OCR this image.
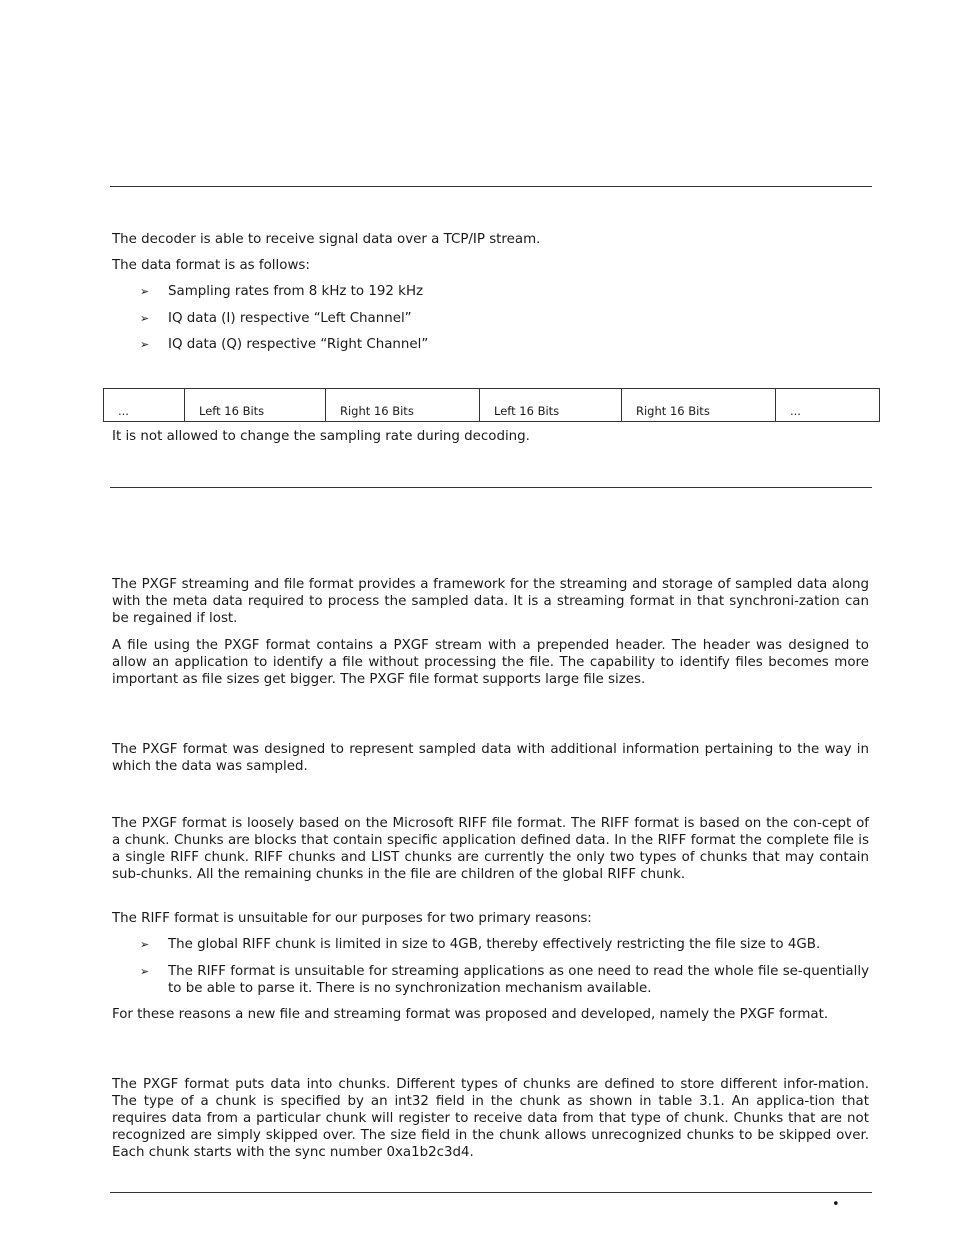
The decoder is able to receive signal data over a TCP/IP stream.

The data format is as follows:

➢ Sampling rates from 8 kHz to 192 kHz
➢ IQ data (I) respective “Left Channel”
➢ IQ data (Q) respective “Right Channel”
...	Left 16 Bits	Right 16 Bits	Left 16 Bits	Right 16 Bits	...

It is not allowed to change the sampling rate during decoding.

The PXGF streaming and file format provides a framework for the streaming and storage of sampled data along with the meta data required to process the sampled data. It is a streaming format in that synchroni-zation can be regained if lost.

A file using the PXGF format contains a PXGF stream with a prepended header. The header was designed to allow an application to identify a file without processing the file. The capability to identify files becomes more important as file sizes get bigger. The PXGF file format supports large file sizes.

The PXGF format was designed to represent sampled data with additional information pertaining to the way in which the data was sampled.

The PXGF format is loosely based on the Microsoft RIFF file format. The RIFF format is based on the con-cept of a chunk. Chunks are blocks that contain specific application defined data. In the RIFF format the complete file is a single RIFF chunk. RIFF chunks and LIST chunks are currently the only two types of chunks that may contain sub-chunks. All the remaining chunks in the file are children of the global RIFF chunk.

The RIFF format is unsuitable for our purposes for two primary reasons:

➢ The global RIFF chunk is limited in size to 4GB, thereby effectively restricting the file size to 4GB.
➢ The RIFF format is unsuitable for streaming applications as one need to read the whole file se-quentially to be able to parse it. There is no synchronization mechanism available.

For these reasons a new file and streaming format was proposed and developed, namely the PXGF format.

The PXGF format puts data into chunks. Different types of chunks are defined to store different infor-mation. The type of a chunk is specified by an int32 field in the chunk as shown in table 3.1. An applica-tion that requires data from a particular chunk will register to receive data from that type of chunk. Chunks that are not recognized are simply skipped over. The size field in the chunk allows unrecognized chunks to be skipped over. Each chunk starts with the sync number 0xa1b2c3d4.

•
